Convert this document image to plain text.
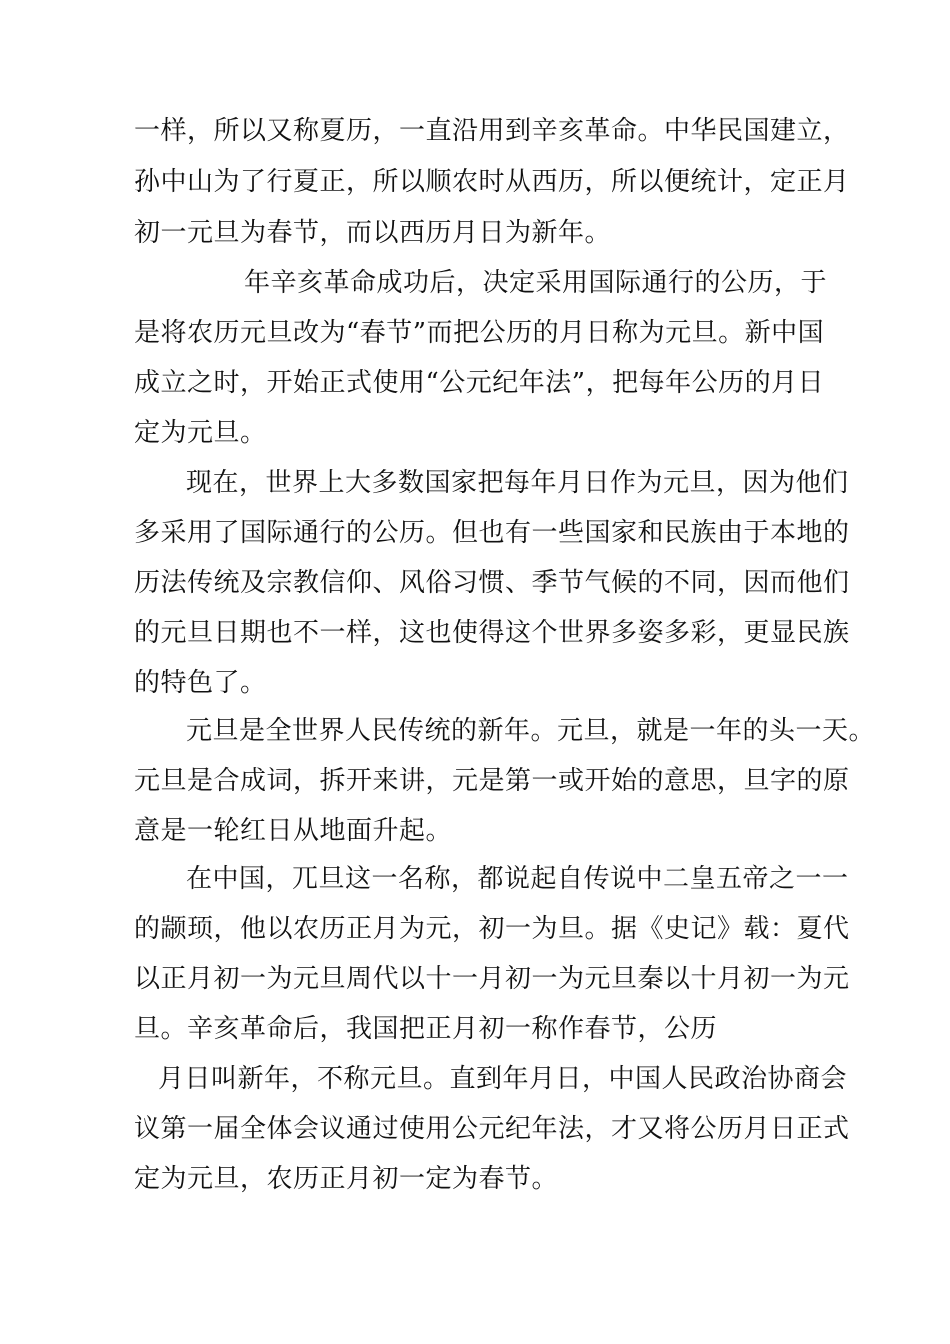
一样，所以又称夏历，一直沿用到辛亥革命。中华民国建立，
孙中山为了行夏正，所以顺农时从西历，所以便统计，定正月
初一元旦为春节，而以西历月日为新年。
年辛亥革命成功后，决定采用国际通行的公历，于
是将农历元旦改为“春节”而把公历的月日称为元旦。新中国
成立之时，开始正式使用“公元纪年法”，把每年公历的月日
定为元旦。
现在，世界上大多数国家把每年月日作为元旦，因为他们
多采用了国际通行的公历。但也有一些国家和民族由于本地的
历法传统及宗教信仰、风俗习惯、季节气候的不同，因而他们
的元旦日期也不一样，这也使得这个世界多姿多彩，更显民族
的特色了。
元旦是全世界人民传统的新年。元旦，就是一年的头一天。
元旦是合成词，拆开来讲，元是第一或开始的意思，旦字的原
意是一轮红日从地面升起。
在中国，兀旦这一名称，都说起自传说中二皇五帝之一一
的颛顼，他以农历正月为元，初一为旦。据《史记》载：夏代
以正月初一为元旦周代以十一月初一为元旦秦以十月初一为元
旦。辛亥革命后，我国把正月初一称作春节，公历
月日叫新年，不称元旦。直到年月日，中国人民政治协商会
议第一届全体会议通过使用公元纪年法，才又将公历月日正式
定为元旦，农历正月初一定为春节。
